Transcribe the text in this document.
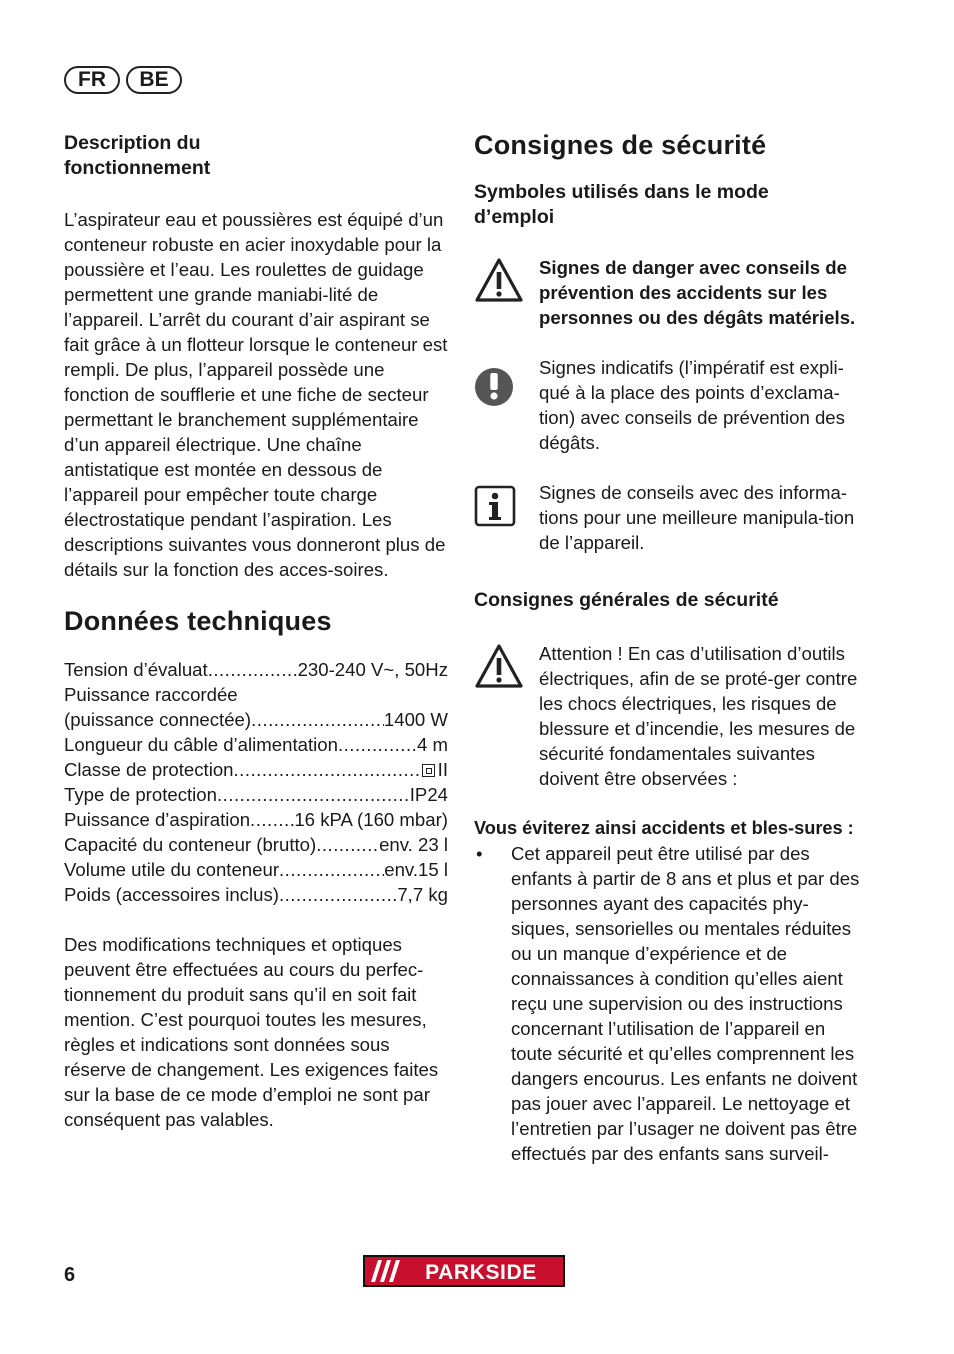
FR	BE
Description du fonctionnement

L’aspirateur eau et poussières est équipé d’un conteneur robuste en acier inoxydable pour la poussière et l’eau. Les roulettes de guidage permettent une grande maniabi-lité de l’appareil. L’arrêt du courant d’air aspirant se fait grâce à un flotteur lorsque le conteneur est rempli. De plus, l’appareil possède une fonction de soufflerie et une fiche de secteur permettant le branchement supplémentaire d’un appareil électrique. Une chaîne antistatique est montée en dessous de l’appareil pour empêcher toute charge électrostatique pendant l’aspiration. Les descriptions suivantes vous donneront plus de détails sur la fonction des acces-soires.

Données techniques
Tension d’évaluat .....	230-240 V~, 50Hz
Puissance raccordée
(puissance connectée) .....	1400 W
Longueur du câble d’alimentation .....	4 m
Classe de protection .....	II
Type de protection .....	IP24
Puissance d’aspiration ..... 16 kPA (160 mbar)
Capacité du conteneur (brutto) .....	env. 23 l
Volume utile du conteneur .....	env.15 l
Poids (accessoires inclus) .....	7,7 kg

Des modifications techniques et optiques peuvent être effectuées au cours du perfec-tionnement du produit sans qu’il en soit fait mention. C’est pourquoi toutes les mesures, règles et indications sont données sous réserve de changement. Les exigences faites sur la base de ce mode d’emploi ne sont par conséquent pas valables.

Consignes de sécurité
Symboles utilisés dans le mode d’emploi
Signes de danger avec conseils de prévention des accidents sur les personnes ou des dégâts matériels.
Signes indicatifs (l’impératif est expli-qué à la place des points d’exclama-tion) avec conseils de prévention des dégâts.
Signes de conseils avec des informa-tions pour une meilleure manipula-tion de l’appareil.
Consignes générales de sécurité
Attention ! En cas d’utilisation d’outils électriques, afin de se proté-ger contre les chocs électriques, les risques de blessure et d’incendie, les mesures de sécurité fondamentales suivantes doivent être observées :
Vous éviterez ainsi accidents et bles-sures :
•	Cet appareil peut être utilisé par des enfants à partir de 8 ans et plus et par des personnes ayant des capacités phy-siques, sensorielles ou mentales réduites ou un manque d’expérience et de connaissances à condition qu’elles aient reçu une supervision ou des instructions concernant l’utilisation de l’appareil en toute sécurité et qu’elles comprennent les dangers encourus. Les enfants ne doivent pas jouer avec l’appareil. Le nettoyage et l’entretien par l’usager ne doivent pas être effectués par des enfants sans surveil-
6	PARKSIDE
